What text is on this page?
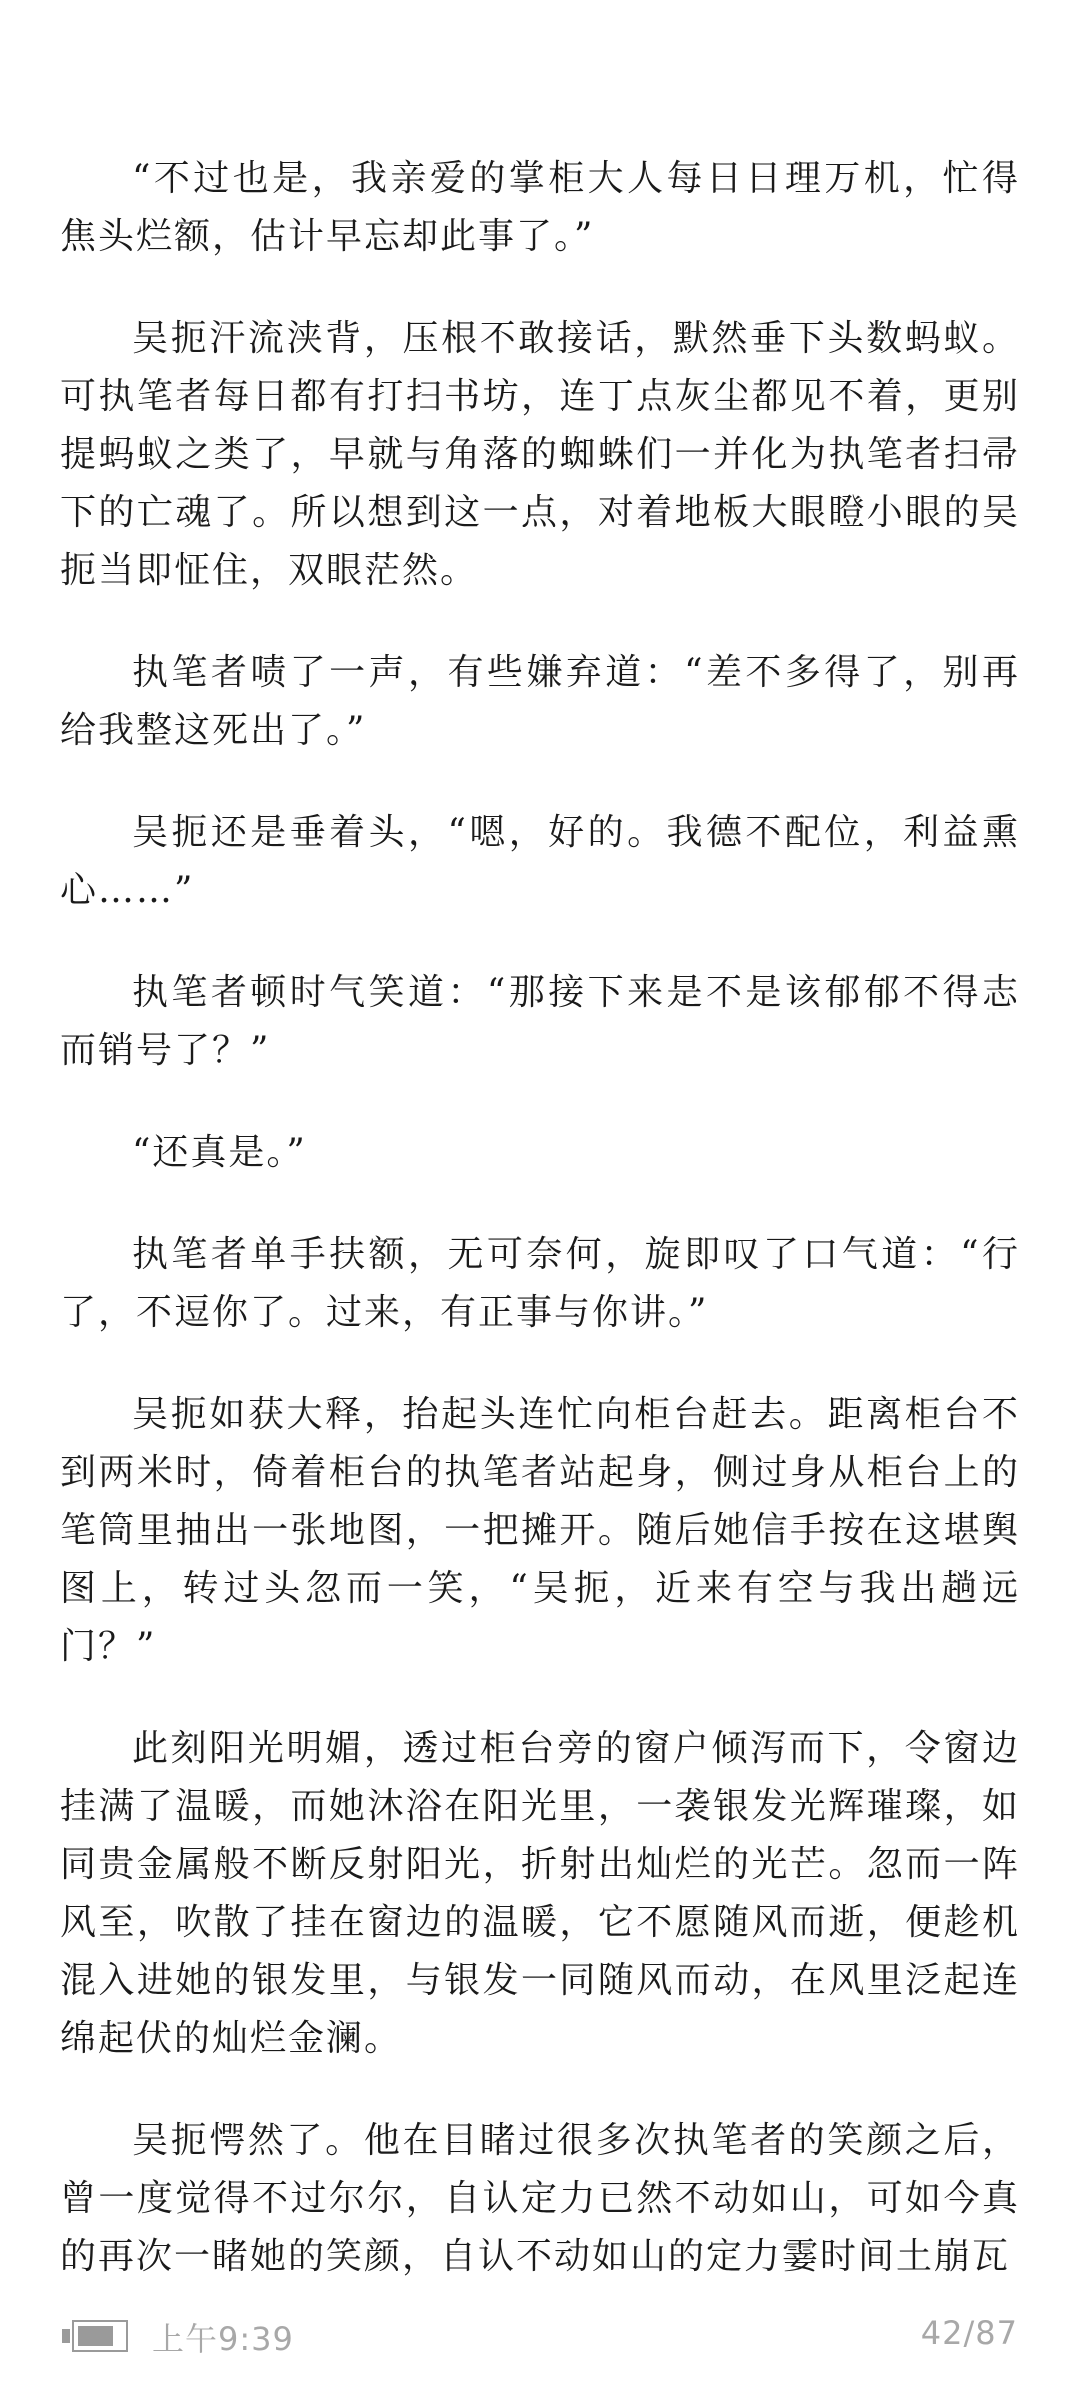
“不过也是，我亲爱的掌柜大人每日日理万机，忙得焦头烂额，估计早忘却此事了。”

吴扼汗流浃背，压根不敢接话，默然垂下头数蚂蚁。可执笔者每日都有打扫书坊，连丁点灰尘都见不着，更别提蚂蚁之类了，早就与角落的蜘蛛们一并化为执笔者扫帚下的亡魂了。所以想到这一点，对着地板大眼瞪小眼的吴扼当即怔住，双眼茫然。

执笔者啧了一声，有些嫌弃道：“差不多得了，别再给我整这死出了。”

吴扼还是垂着头，“嗯，好的。我德不配位，利益熏心……”

执笔者顿时气笑道：“那接下来是不是该郁郁不得志而销号了？”

“还真是。”

执笔者单手扶额，无可奈何，旋即叹了口气道：“行了，不逗你了。过来，有正事与你讲。”

吴扼如获大释，抬起头连忙向柜台赶去。距离柜台不到两米时，倚着柜台的执笔者站起身，侧过身从柜台上的笔筒里抽出一张地图，一把摊开。随后她信手按在这堪舆图上，转过头忽而一笑，“吴扼，近来有空与我出趟远门？”

此刻阳光明媚，透过柜台旁的窗户倾泻而下，令窗边挂满了温暖，而她沐浴在阳光里，一袭银发光辉璀璨，如同贵金属般不断反射阳光，折射出灿烂的光芒。忽而一阵风至，吹散了挂在窗边的温暖，它不愿随风而逝，便趁机混入进她的银发里，与银发一同随风而动，在风里泛起连绵起伏的灿烂金澜。

吴扼愕然了。他在目睹过很多次执笔者的笑颜之后，曾一度觉得不过尔尔，自认定力已然不动如山，可如今真的再次一睹她的笑颜，自认不动如山的定力霎时间土崩瓦

上午9:39	42/87
